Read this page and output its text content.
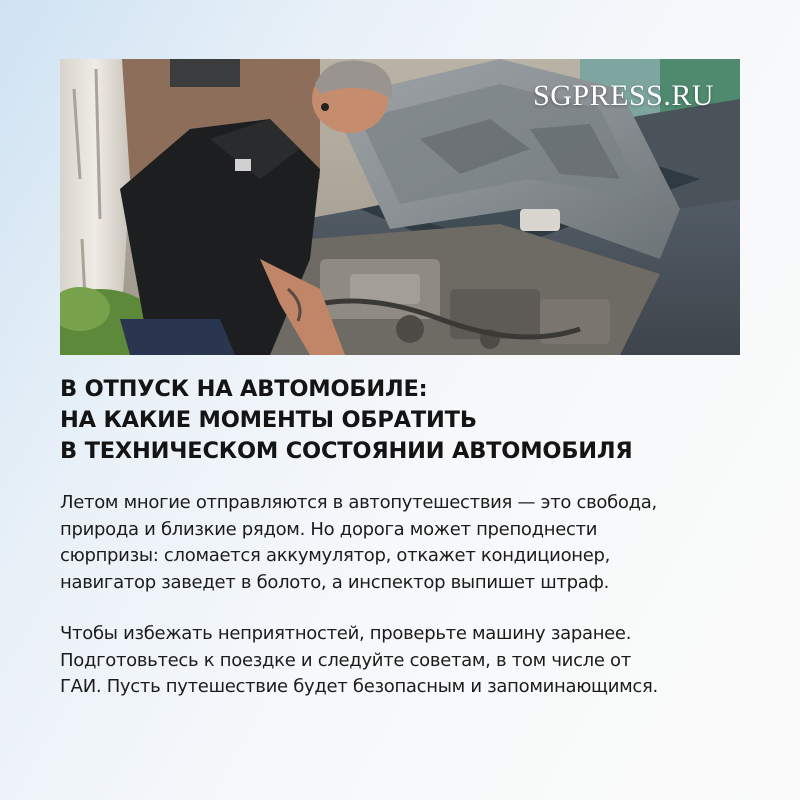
SGPRESS.RU
В ОТПУСК НА АВТОМОБИЛЕ:
НА КАКИЕ МОМЕНТЫ ОБРАТИТЬ
В ТЕХНИЧЕСКОМ СОСТОЯНИИ АВТОМОБИЛЯ
Летом многие отправляются в автопутешествия — это свобода,
природа и близкие рядом. Но дорога может преподнести
сюрпризы: сломается аккумулятор, откажет кондиционер,
навигатор заведет в болото, а инспектор выпишет штраф.
Чтобы избежать неприятностей, проверьте машину заранее.
Подготовьтесь к поездке и следуйте советам, в том числе от
ГАИ. Пусть путешествие будет безопасным и запоминающимся.
